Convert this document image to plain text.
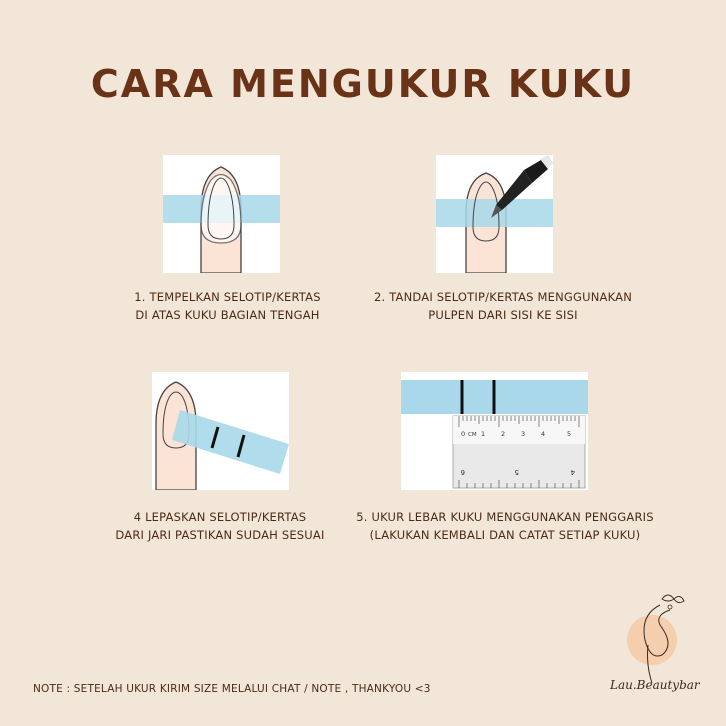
CARA MENGUKUR KUKU
1. TEMPELKAN SELOTIP/KERTAS
DI ATAS KUKU BAGIAN TENGAH
2. TANDAI SELOTIP/KERTAS MENGGUNAKAN
PULPEN DARI SISI KE SISI
4 LEPASKAN SELOTIP/KERTAS
DARI JARI PASTIKAN SUDAH SESUAI
0 CM 1 2 3 4	5
6	5	4
5. UKUR LEBAR KUKU MENGGUNAKAN PENGGARIS
(LAKUKAN KEMBALI DAN CATAT SETIAP KUKU)
NOTE : SETELAH UKUR KIRIM SIZE MELALUI CHAT / NOTE , THANKYOU <3	Lau.Beautybar
